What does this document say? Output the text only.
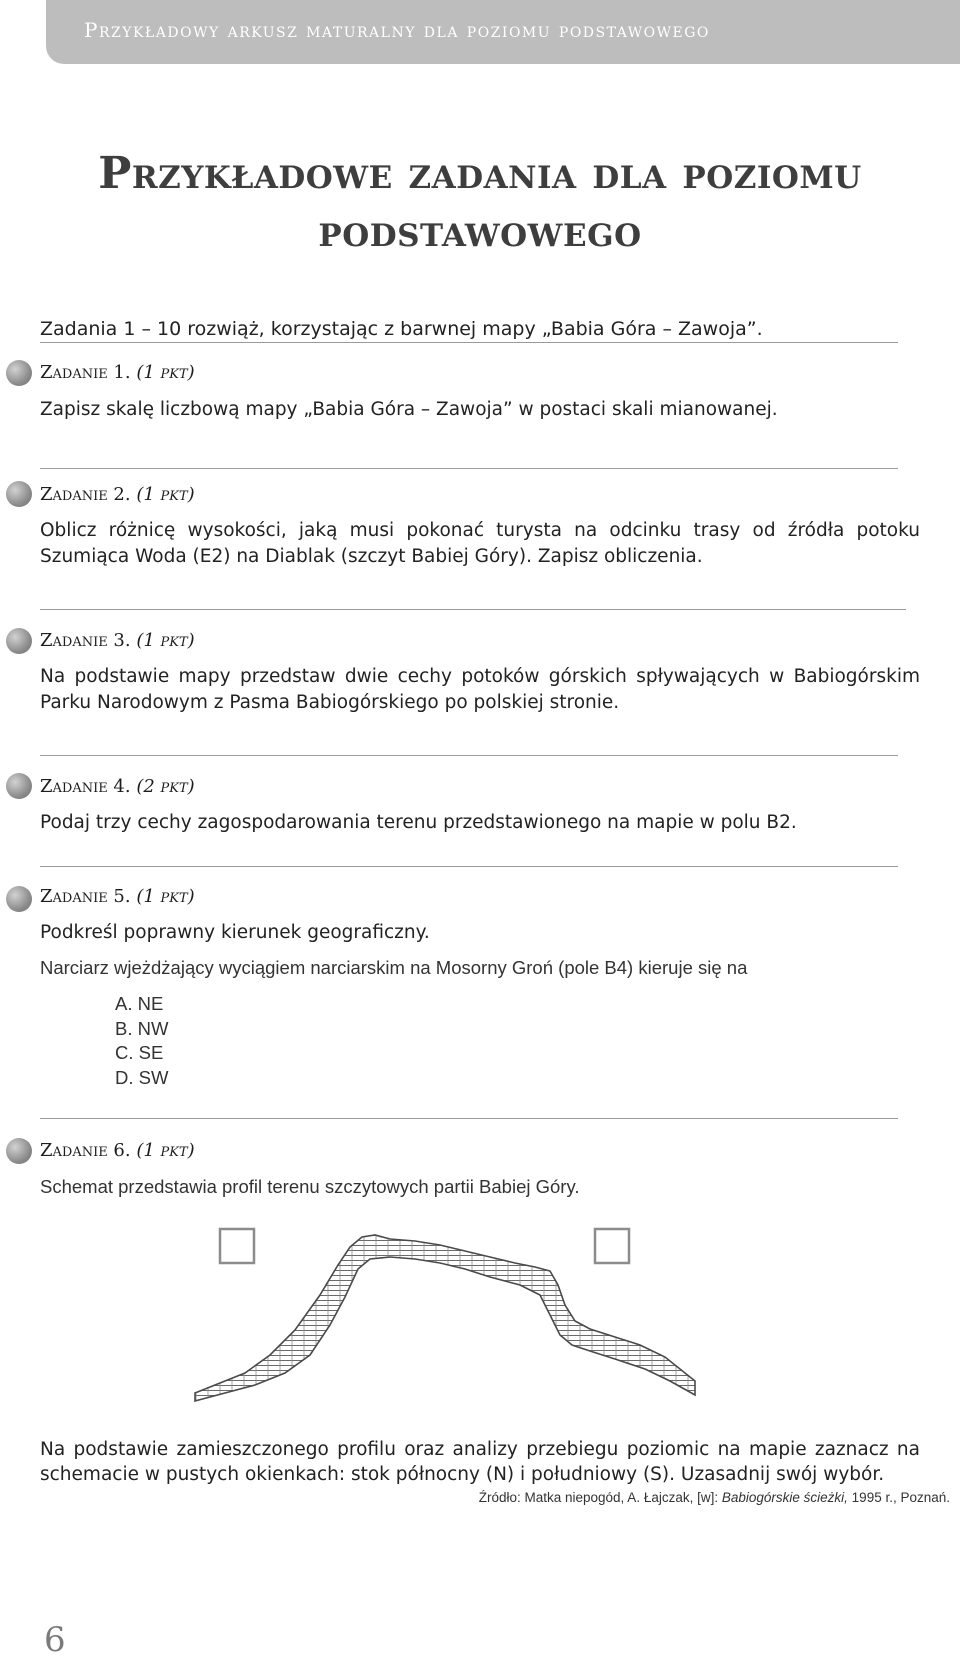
Przykładowy arkusz maturalny dla poziomu podstawowego
Przykładowe zadania dla poziomu
podstawowego
Zadania 1 – 10 rozwiąż, korzystając z barwnej mapy „Babia Góra – Zawoja”.
Zadanie 1. (1 pkt)
Zapisz skalę liczbową mapy „Babia Góra – Zawoja” w postaci skali mianowanej.
Zadanie 2. (1 pkt)
Oblicz różnicę wysokości, jaką musi pokonać turysta na odcinku trasy od źródła potoku Szumiąca Woda (E2) na Diablak (szczyt Babiej Góry). Zapisz obliczenia.
Zadanie 3. (1 pkt)
Na podstawie mapy przedstaw dwie cechy potoków górskich spływających w Babiogórskim Parku Narodowym z Pasma Babiogórskiego po polskiej stronie.
Zadanie 4. (2 pkt)
Podaj trzy cechy zagospodarowania terenu przedstawionego na mapie w polu B2.
Zadanie 5. (1 pkt)
Podkreśl poprawny kierunek geograficzny.
Narciarz wjeżdżający wyciągiem narciarskim na Mosorny Groń (pole B4) kieruje się na
A. NE
B. NW
C. SE
D. SW
Zadanie 6. (1 pkt)
Schemat przedstawia profil terenu szczytowych partii Babiej Góry.
Źródło: Matka niepogód, A. Łajczak, [w]: Babiogórskie ścieżki, 1995 r., Poznań.
Na podstawie zamieszczonego profilu oraz analizy przebiegu poziomic na mapie zaznacz na schemacie w pustych okienkach: stok północny (N) i południowy (S). Uzasadnij swój wybór.
6
